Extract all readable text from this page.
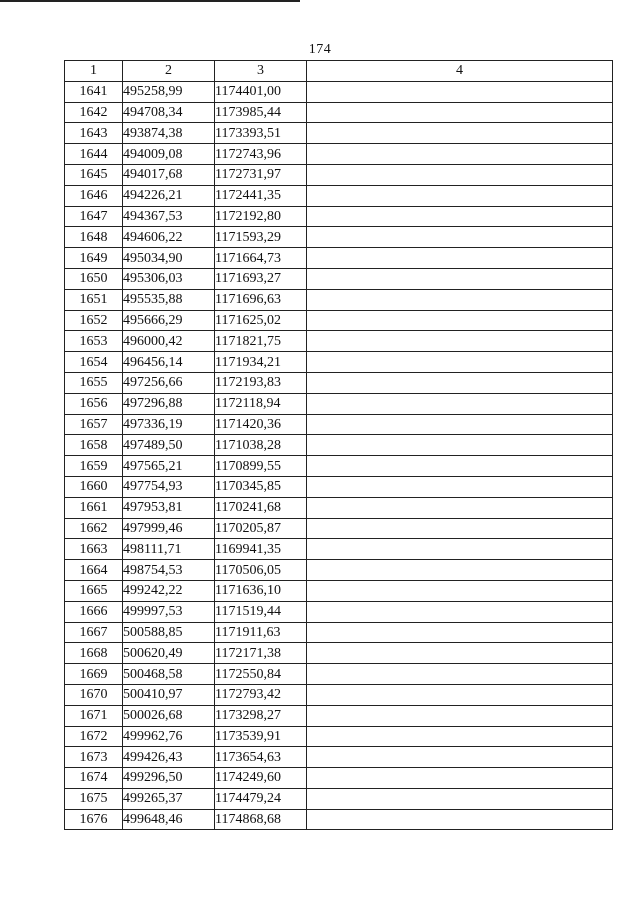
174
1	2	3	4
1641	495258,99	1174401,00	
1642	494708,34	1173985,44	
1643	493874,38	1173393,51	
1644	494009,08	1172743,96	
1645	494017,68	1172731,97	
1646	494226,21	1172441,35	
1647	494367,53	1172192,80	
1648	494606,22	1171593,29	
1649	495034,90	1171664,73	
1650	495306,03	1171693,27	
1651	495535,88	1171696,63	
1652	495666,29	1171625,02	
1653	496000,42	1171821,75	
1654	496456,14	1171934,21	
1655	497256,66	1172193,83	
1656	497296,88	1172118,94	
1657	497336,19	1171420,36	
1658	497489,50	1171038,28	
1659	497565,21	1170899,55	
1660	497754,93	1170345,85	
1661	497953,81	1170241,68	
1662	497999,46	1170205,87	
1663	498111,71	1169941,35	
1664	498754,53	1170506,05	
1665	499242,22	1171636,10	
1666	499997,53	1171519,44	
1667	500588,85	1171911,63	
1668	500620,49	1172171,38	
1669	500468,58	1172550,84	
1670	500410,97	1172793,42	
1671	500026,68	1173298,27	
1672	499962,76	1173539,91	
1673	499426,43	1173654,63	
1674	499296,50	1174249,60	
1675	499265,37	1174479,24	
1676	499648,46	1174868,68	
